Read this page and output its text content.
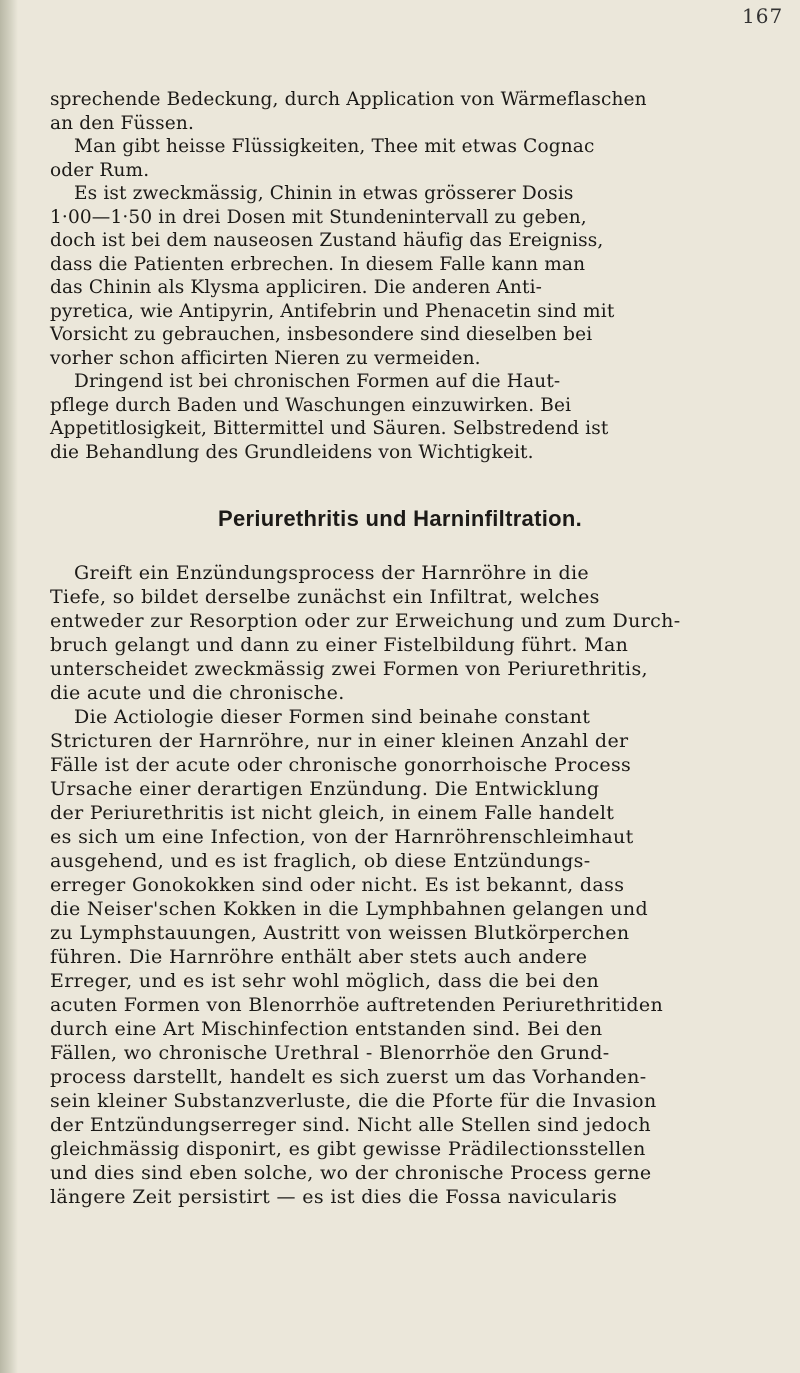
167
sprechende Bedeckung, durch Application von Wärmeflaschen
an den Füssen.
Man gibt heisse Flüssigkeiten, Thee mit etwas Cognac
oder Rum.
Es ist zweckmässig, Chinin in etwas grösserer Dosis
1·00—1·50 in drei Dosen mit Stundenintervall zu geben,
doch ist bei dem nauseosen Zustand häufig das Ereigniss,
dass die Patienten erbrechen. In diesem Falle kann man
das Chinin als Klysma appliciren. Die anderen Anti-
pyretica, wie Antipyrin, Antifebrin und Phenacetin sind mit
Vorsicht zu gebrauchen, insbesondere sind dieselben bei
vorher schon afficirten Nieren zu vermeiden.
Dringend ist bei chronischen Formen auf die Haut-
pflege durch Baden und Waschungen einzuwirken. Bei
Appetitlosigkeit, Bittermittel und Säuren. Selbstredend ist
die Behandlung des Grundleidens von Wichtigkeit.
Periurethritis und Harninfiltration.
Greift ein Enzündungsprocess der Harnröhre in die
Tiefe, so bildet derselbe zunächst ein Infiltrat, welches
entweder zur Resorption oder zur Erweichung und zum Durch-
bruch gelangt und dann zu einer Fistelbildung führt. Man
unterscheidet zweckmässig zwei Formen von Periurethritis,
die acute und die chronische.
Die Actiologie dieser Formen sind beinahe constant
Stricturen der Harnröhre, nur in einer kleinen Anzahl der
Fälle ist der acute oder chronische gonorrhoische Process
Ursache einer derartigen Enzündung. Die Entwicklung
der Periurethritis ist nicht gleich, in einem Falle handelt
es sich um eine Infection, von der Harnröhrenschleimhaut
ausgehend, und es ist fraglich, ob diese Entzündungs-
erreger Gonokokken sind oder nicht. Es ist bekannt, dass
die Neiser'schen Kokken in die Lymphbahnen gelangen und
zu Lymphstauungen, Austritt von weissen Blutkörperchen
führen. Die Harnröhre enthält aber stets auch andere
Erreger, und es ist sehr wohl möglich, dass die bei den
acuten Formen von Blenorrhöe auftretenden Periurethritiden
durch eine Art Mischinfection entstanden sind. Bei den
Fällen, wo chronische Urethral - Blenorrhöe den Grund-
process darstellt, handelt es sich zuerst um das Vorhanden-
sein kleiner Substanzverluste, die die Pforte für die Invasion
der Entzündungserreger sind. Nicht alle Stellen sind jedoch
gleichmässig disponirt, es gibt gewisse Prädilectionsstellen
und dies sind eben solche, wo der chronische Process gerne
längere Zeit persistirt — es ist dies die Fossa navicularis
